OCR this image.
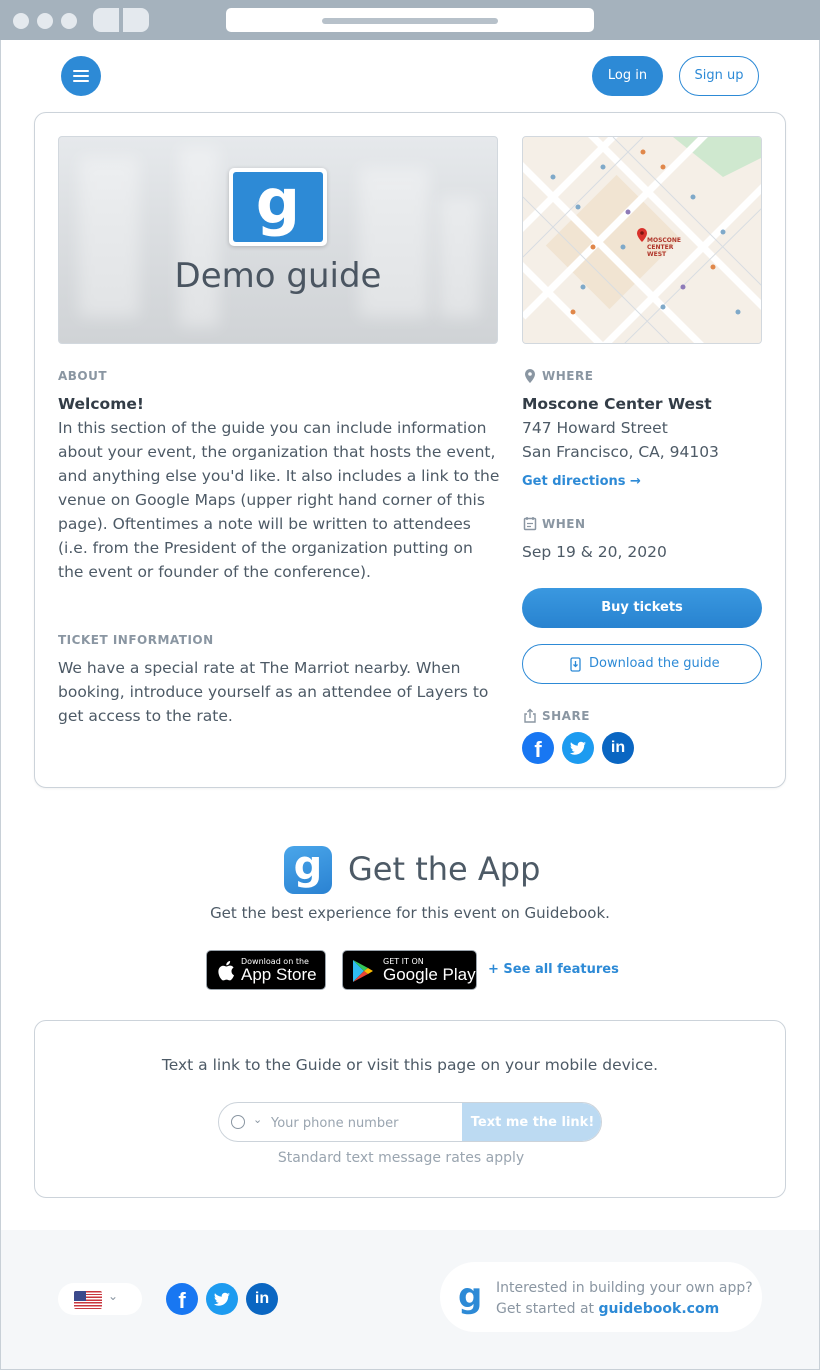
Log in	Sign up
g
Demo guide
MOSCONE CENTER WEST
ABOUT
Welcome!
In this section of the guide you can include information
about your event, the organization that hosts the event,
and anything else you'd like. It also includes a link to the
venue on Google Maps (upper right hand corner of this
page). Oftentimes a note will be written to attendees
(i.e. from the President of the organization putting on
the event or founder of the conference).
TICKET INFORMATION
We have a special rate at The Marriot nearby. When
booking, introduce yourself as an attendee of Layers to
get access to the rate.
WHERE
Moscone Center West
747 Howard Street
San Francisco, CA, 94103
Get directions →
WHEN
Sep 19 & 20, 2020
Buy tickets
Download the guide
SHARE
f	in
g Get the App
Get the best experience for this event on Guidebook.
Download on the
App Store
GET IT ON
Google Play + See all features
Text a link to the Guide or visit this page on your mobile device.
⌄
Your phone number	Text me the link!
Standard text message rates apply
⌄	f	in	g Interested in building your own app?
Get started at guidebook.com
